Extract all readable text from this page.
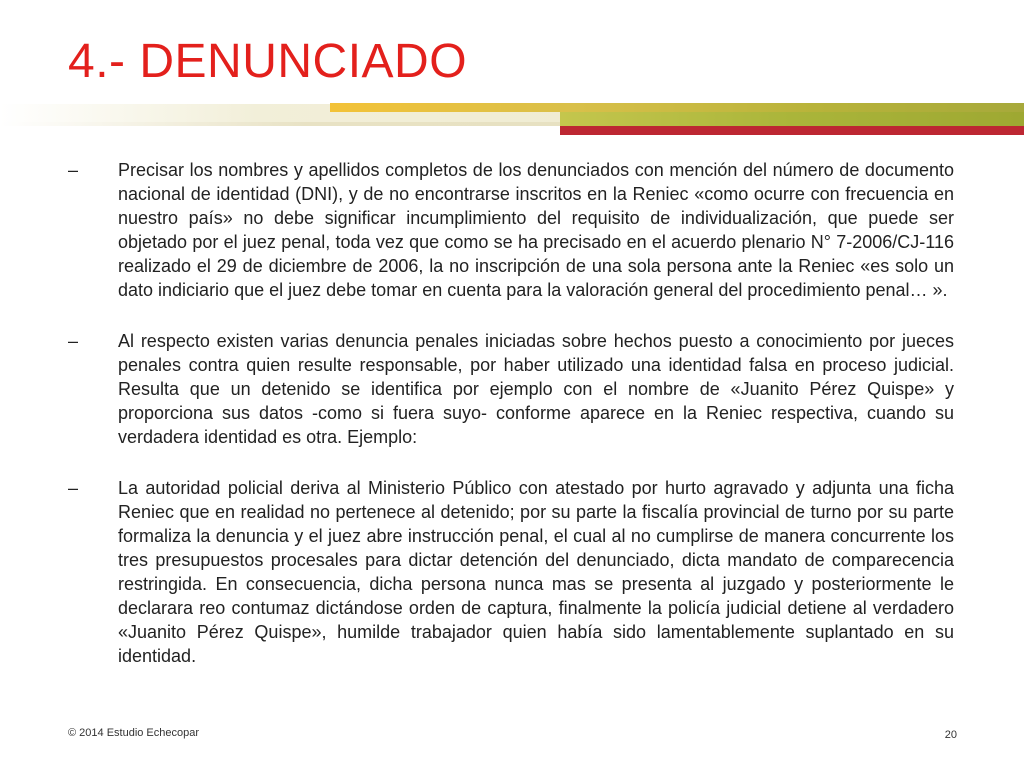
4.- DENUNCIADO
–	Precisar los nombres y apellidos completos de los denunciados con mención del número de documento nacional de identidad (DNI), y de no encontrarse inscritos en la Reniec «como ocurre con frecuencia en nuestro país» no debe significar incumplimiento del requisito de individualización, que puede ser objetado por el juez penal, toda vez que como se ha precisado en el acuerdo plenario N° 7-2006/CJ-116 realizado el 29 de diciembre de 2006, la no inscripción de una sola persona ante la Reniec «es solo un dato indiciario que el juez debe tomar en cuenta para la valoración general del procedimiento penal… ».

–	Al respecto existen varias denuncia penales iniciadas sobre hechos puesto a conocimiento por jueces penales contra quien resulte responsable, por haber utilizado una identidad falsa en proceso judicial. Resulta que un detenido se identifica por ejemplo con el nombre de «Juanito Pérez Quispe» y proporciona sus datos -como si fuera suyo- conforme aparece en la Reniec respectiva, cuando su verdadera identidad es otra. Ejemplo:

–	La autoridad policial deriva al Ministerio Público con atestado por hurto agravado y adjunta una ficha Reniec que en realidad no pertenece al detenido; por su parte la fiscalía provincial de turno por su parte formaliza la denuncia y el juez abre instrucción penal, el cual al no cumplirse de manera concurrente los tres presupuestos procesales para dictar detención del denunciado, dicta mandato de comparecencia restringida. En consecuencia, dicha persona nunca mas se presenta al juzgado y posteriormente le declarara reo contumaz dictándose orden de captura, finalmente la policía judicial detiene al verdadero «Juanito Pérez Quispe», humilde trabajador quien había sido lamentablemente suplantado en su identidad.

© 2014 Estudio Echecopar	20
